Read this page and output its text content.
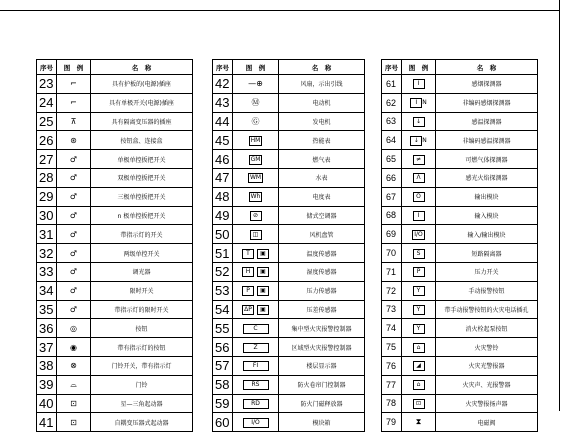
序号	图　例	名　称
23	⌐	具有护板的(电源)插座
24	⌐	具有单极开关(电源)插座
25	⊼	具有隔离变压器的插座
26	⊛	按钮盒、连接盒
27	♂	单极单控扳把开关
28	♂	双极单控扳把开关
29	♂	三极单控扳把开关
30	♂	n 极单控扳把开关
31	♂	带指示灯的开关
32	♂	两级单控开关
33	♂	调光器
34	♂	限时开关
35	♂	带指示灯的限时开关
36	◎	按钮
37	◉	带有指示灯的按钮
38	⊗	门铃开关，带有指示灯
39	⌓	门铃
40	⊡	星—三角起动器
41	⊡	自耦变压器式起动器
序号	图　例	名　称
42	—⊕	风扇，示出引线
43	Ⓜ	电动机
44	Ⓖ	发电机
45	HM	热能表
46	GM	燃气表
47	WM	水表
48	Wh	电度表
49	⊘	储式空调器
50	◫	风机盘管
51	T ▣	温度传感器
52	H ▣	湿度传感器
53	P ▣	压力传感器
54	ΔP ▣	压差传感器
55	C	集中型火灾报警控制器
56	Z	区域型火灾报警控制器
57	FI	楼层显示器
58	RS	防火卷帘门控制器
59	RD	防火门磁释放器
60	I/O	模块箱
序号	图　例	名　称
61	I	感烟探测器
62	I N	非编码感烟探测器
63	↓	感温探测器
64	↓ N	非编码感温探测器
65	≠	可燃气体探测器
66	Λ	感光火焰探测器
67	O	输出模块
68	I	输入模块
69	I/O	输入/输出模块
70	S	短路隔离器
71	P	压力开关
72	Y	手动报警按钮
73	Y	带手动报警按钮的火灾电话插孔
74	Y	消火栓起泵按钮
75	⌂	火灾警铃
76	◢	火灾光警报器
77	⌂	火灾声、光报警器
78	⊡	火灾警报扬声器
79	⧗	电磁阀
